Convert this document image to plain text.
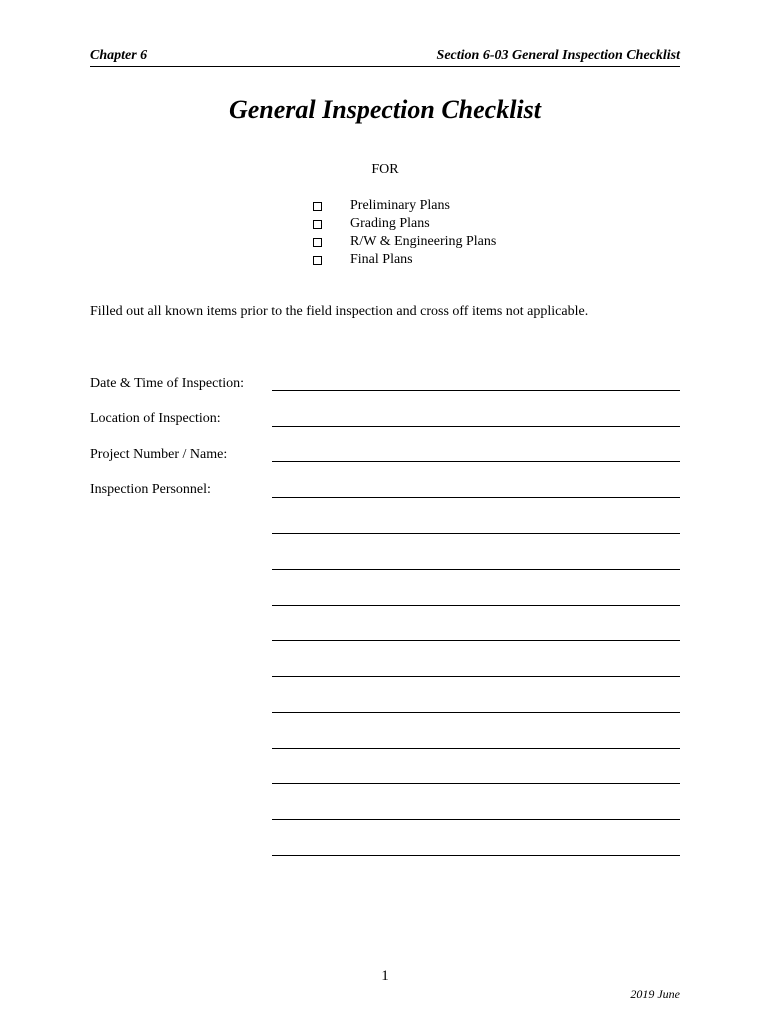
Chapter 6	Section 6-03 General Inspection Checklist
General Inspection Checklist
FOR
Preliminary Plans
Grading Plans
R/W & Engineering Plans
Final Plans
Filled out all known items prior to the field inspection and cross off items not applicable.
Date & Time of Inspection:
Location of Inspection:
Project Number / Name:
Inspection Personnel:
1
2019 June
